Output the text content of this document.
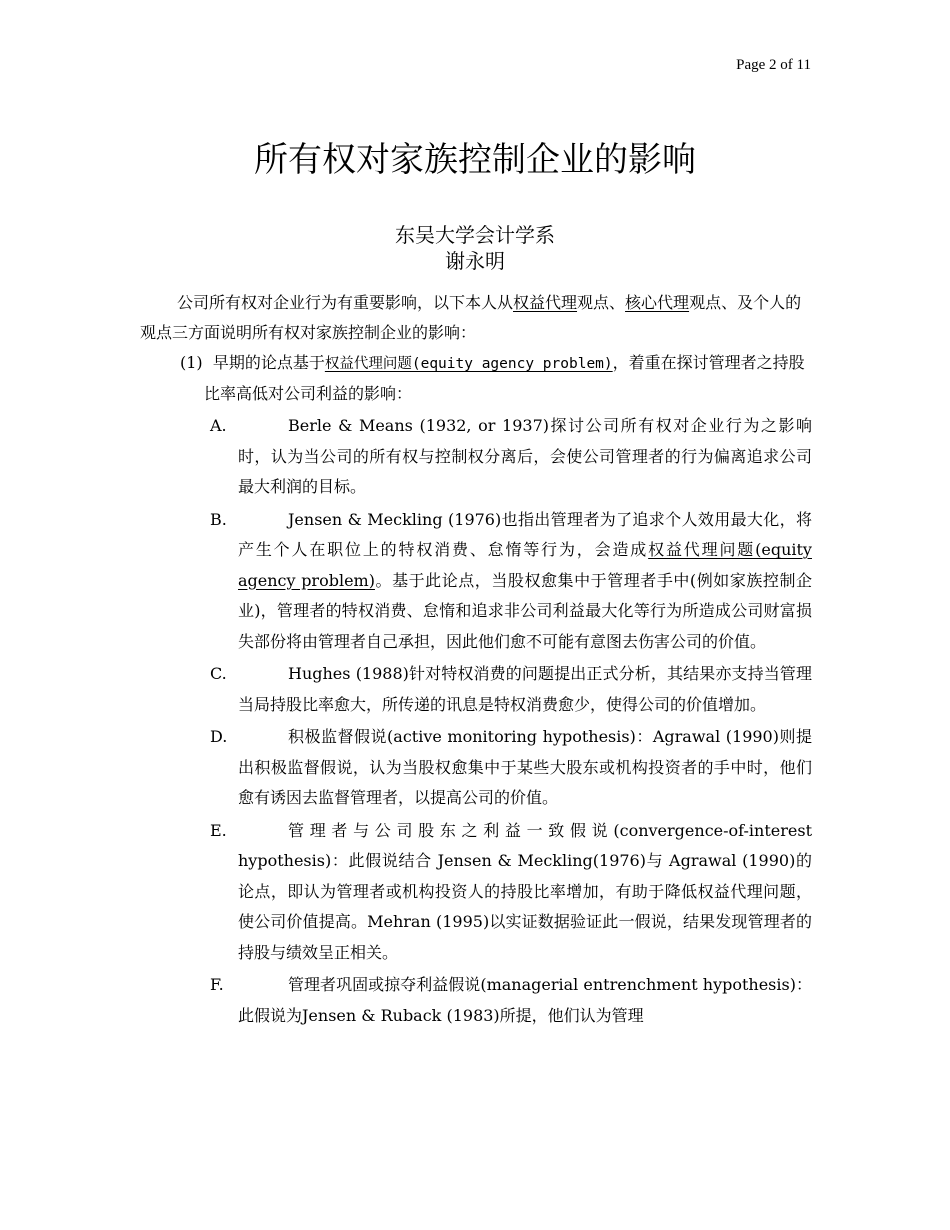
Page 2 of 11
所有权对家族控制企业的影响
东吴大学会计学系
谢永明

公司所有权对企业行为有重要影响，以下本人从权益代理观点、核心代理观点、及个人的观点三方面说明所有权对家族控制企业的影响：

(1) 早期的论点基于权益代理问题(equity agency problem)，着重在探讨管理者之持股比率高低对公司利益的影响：

A.	Berle & Means (1932, or 1937)探讨公司所有权对企业行为之影响时，认为当公司的所有权与控制权分离后，会使公司管理者的行为偏离追求公司最大利润的目标。
B.	Jensen & Meckling (1976)也指出管理者为了追求个人效用最大化，将产生个人在职位上的特权消费、怠惰等行为，会造成权益代理问题(equity agency problem)。基于此论点，当股权愈集中于管理者手中(例如家族控制企业)，管理者的特权消费、怠惰和追求非公司利益最大化等行为所造成公司财富损失部份将由管理者自己承担，因此他们愈不可能有意图去伤害公司的价值。
C.	Hughes (1988)针对特权消费的问题提出正式分析，其结果亦支持当管理当局持股比率愈大，所传递的讯息是特权消费愈少，使得公司的价值增加。
D.	积极监督假说(active monitoring hypothesis)：Agrawal (1990)则提出积极监督假说，认为当股权愈集中于某些大股东或机构投资者的手中时，他们愈有诱因去监督管理者，以提高公司的价值。
E.	管理者与公司股东之利益一致假说(convergence-of-interest hypothesis)：此假说结合 Jensen & Meckling(1976)与 Agrawal (1990)的论点，即认为管理者或机构投资人的持股比率增加，有助于降低权益代理问题，使公司价值提高。Mehran (1995)以实证数据验证此一假说，结果发现管理者的持股与绩效呈正相关。
F.	管理者巩固或掠夺利益假说(managerial entrenchment hypothesis)：此假说为Jensen & Ruback (1983)所提，他们认为管理
